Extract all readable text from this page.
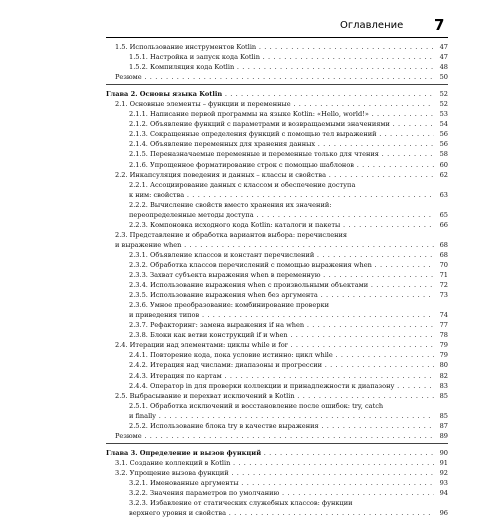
Оглавление 7
1.5. Использование инструментов Kotlin . . .	47
1.5.1. Настройка и запуск кода Kotlin . . .	47
1.5.2. Компиляция кода Kotlin . . .	48
Резюме . . .	50
Глава 2. Основы языка Kotlin . . .	52
2.1. Основные элементы – функции и переменные . . .	52
2.1.1. Написание первой программы на языке Kotlin: «Hello, world!» . . .	53
2.1.2. Объявление функций с параметрами и возвращаемыми значениями . . .	54
2.1.3. Сокращенные определения функций с помощью тел выражений . . .	56
2.1.4. Объявление переменных для хранения данных . . .	56
2.1.5. Переназначаемые переменные и переменные только для чтения . . .	58
2.1.6. Упрощенное форматирование строк с помощью шаблонов . . .	60
2.2. Инкапсуляция поведения и данных – классы и свойства . . .	62
2.2.1. Ассоциирование данных с классом и обеспечение доступа
к ним: свойства . . .	63
2.2.2. Вычисление свойств вместо хранения их значений:
переопределенные методы доступа . . .	65
2.2.3. Компоновка исходного кода Kotlin: каталоги и пакеты . . .	66
2.3. Представление и обработка вариантов выбора: перечисления
и выражение when . . .	68
2.3.1. Объявление классов и констант перечислений . . .	68
2.3.2. Обработка классов перечислений с помощью выражения when . . .	70
2.3.3. Захват субъекта выражения when в переменную . . .	71
2.3.4. Использование выражения when с произвольными объектами . . .	72
2.3.5. Использование выражения when без аргумента . . .	73
2.3.6. Умное преобразование: комбинирование проверки
и приведения типов . . .	74
2.3.7. Рефакторинг: замена выражения if на when . . .	77
2.3.8. Блоки как ветви конструкций if и when . . .	78
2.4. Итерации над элементами: циклы while и for . . .	79
2.4.1. Повторение кода, пока условие истинно: цикл while . . .	79
2.4.2. Итерация над числами: диапазоны и прогрессии . . .	80
2.4.3. Итерация по картам . . .	82
2.4.4. Оператор in для проверки коллекции и принадлежности к диапазону . . .	83
2.5. Выбрасывание и перехват исключений в Kotlin . . .	85
2.5.1. Обработка исключений и восстановление после ошибок: try, catch
и finally . . .	85
2.5.2. Использование блока try в качестве выражения . . .	87
Резюме . . .	89
Глава 3. Определение и вызов функций . . .	90
3.1. Создание коллекций в Kotlin . . .	91
3.2. Упрощение вызова функций . . .	92
3.2.1. Именованные аргументы . . .	93
3.2.2. Значения параметров по умолчанию . . .	94
3.2.3. Избавление от статических служебных классов: функции
верхнего уровня и свойства . . .	96
